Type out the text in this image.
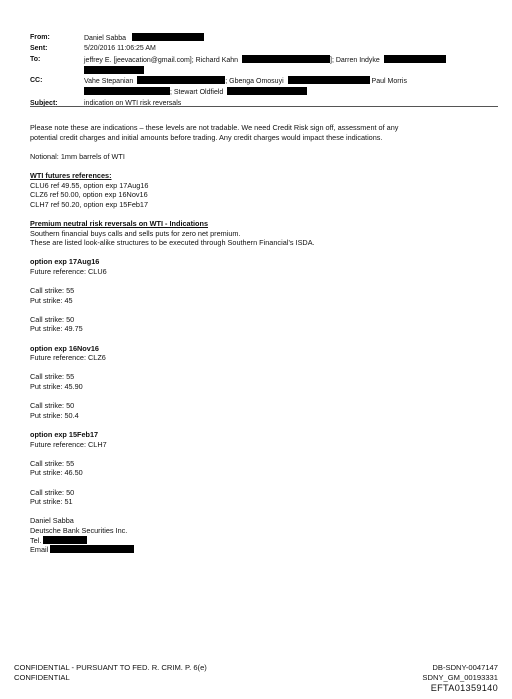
From:	Daniel Sabba
Sent:	5/20/2016 11:06:25 AM
To:	jeffrey E. [jeevacation@gmail.com]; Richard Kahn	]; Darren Indyke
CC:	Vahe Stepanian	; Gbenga Omosuyi	Paul Morris
; Stewart Oldfield
Subject:	indication on WTI risk reversals

Please note these are indications – these levels are not tradable. We need Credit Risk sign off, assessment of any

potential credit charges and initial amounts before trading. Any credit charges would impact these indications.

Notional: 1mm barrels of WTI

WTI futures references:

CLU6 ref 49.55, option exp 17Aug16

CLZ6 ref 50.00, option exp 16Nov16

CLH7 ref 50.20, option exp 15Feb17

Premium neutral risk reversals on WTI - Indications

Southern financial buys calls and sells puts for zero net premium.

These are listed look-alike structures to be executed through Southern Financial’s ISDA.

option exp 17Aug16

Future reference: CLU6

Call strike: 55

Put strike: 45

Call strike: 50

Put strike: 49.75

option exp 16Nov16

Future reference: CLZ6

Call strike: 55

Put strike: 45.90

Call strike: 50

Put strike: 50.4

option exp 15Feb17

Future reference: CLH7

Call strike: 55

Put strike: 46.50

Call strike: 50

Put strike: 51

Daniel Sabba

Deutsche Bank Securities Inc.

Tel.

Email

CONFIDENTIAL - PURSUANT TO FED. R. CRIM. P. 6(e)
CONFIDENTIAL
DB-SDNY-0047147
SDNY_GM_00193331
EFTA01359140
